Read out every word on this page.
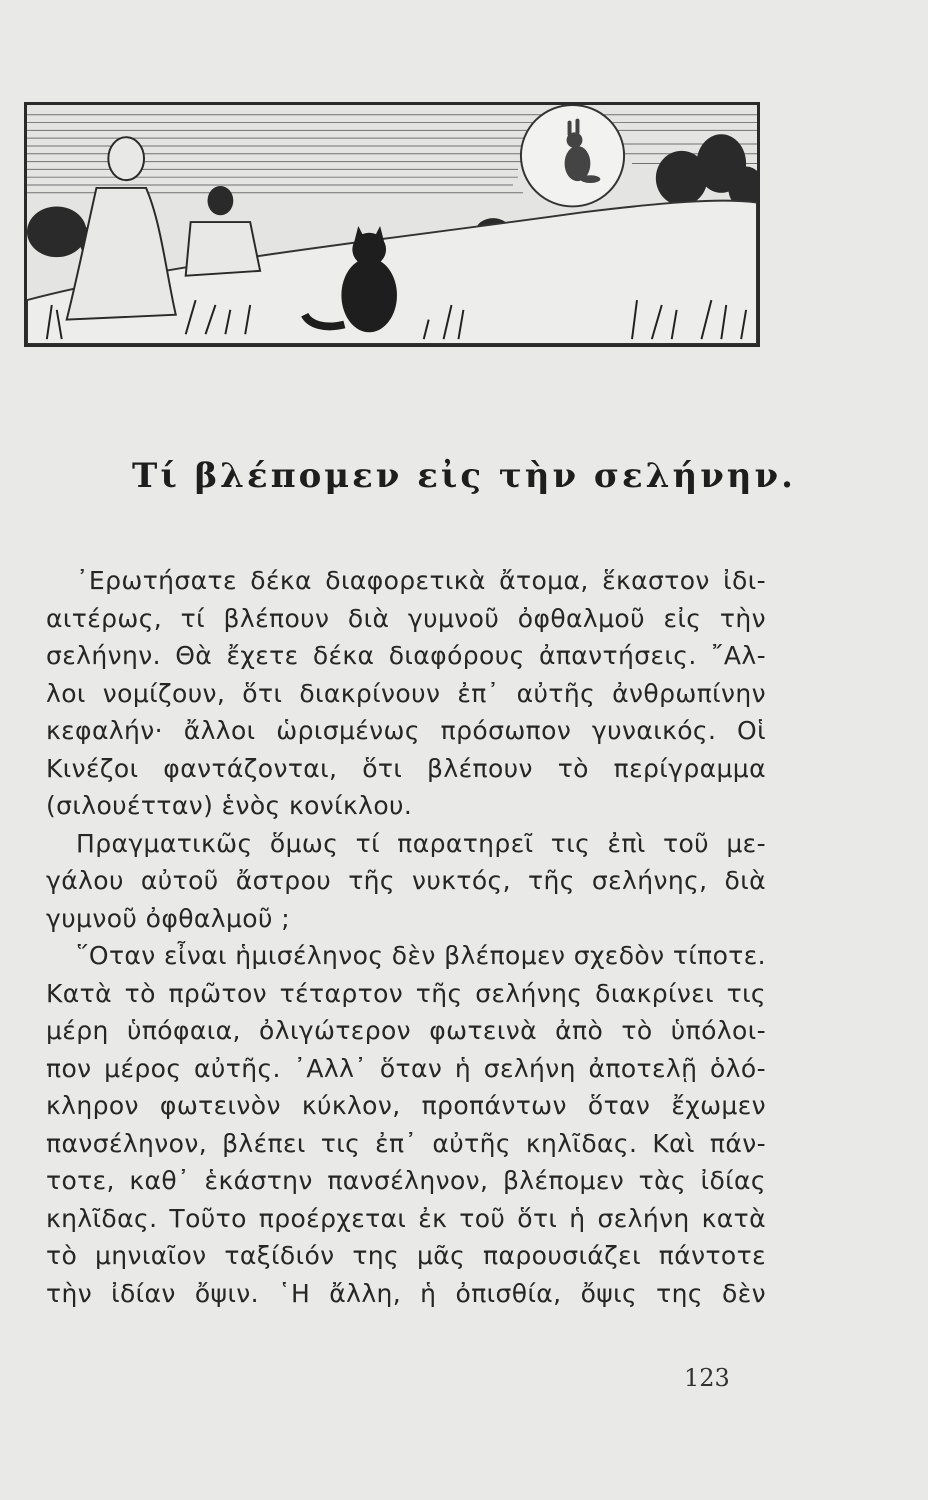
Τί βλέπομεν εἰς τὴν σελήνην.
᾿Ερωτήσατε δέκα διαφορετικὰ ἄτομα, ἕκαστον ἰδι-
αιτέρως, τί βλέπουν διὰ γυμνοῦ ὀφθαλμοῦ εἰς τὴν
σελήνην. Θὰ ἔχετε δέκα διαφόρους ἀπαντήσεις. ῎Αλ-
λοι νομίζουν, ὅτι διακρίνουν ἐπ᾿ αὐτῆς ἀνθρωπίνην
κεφαλήν· ἄλλοι ὡρισμένως πρόσωπον γυναικός. Οἱ
Κινέζοι φαντάζονται, ὅτι βλέπουν τὸ περίγραμμα
(σιλουέτταν) ἑνὸς κονίκλου.
Πραγματικῶς ὅμως τί παρατηρεῖ τις ἐπὶ τοῦ με-
γάλου αὐτοῦ ἄστρου τῆς νυκτός, τῆς σελήνης, διὰ
γυμνοῦ ὀφθαλμοῦ ;
῞Οταν εἶναι ἡμισέληνος δὲν βλέπομεν σχεδὸν τίποτε.
Κατὰ τὸ πρῶτον τέταρτον τῆς σελήνης διακρίνει τις
μέρη ὑπόφαια, ὀλιγώτερον φωτεινὰ ἀπὸ τὸ ὑπόλοι-
πον μέρος αὐτῆς. ᾿Αλλ᾿ ὅταν ἡ σελήνη ἀποτελῇ ὁλό-
κληρον φωτεινὸν κύκλον, προπάντων ὅταν ἔχωμεν
πανσέληνον, βλέπει τις ἐπ᾿ αὐτῆς κηλῖδας. Καὶ πάν-
τοτε, καθ᾿ ἑκάστην πανσέληνον, βλέπομεν τὰς ἰδίας
κηλῖδας. Τοῦτο προέρχεται ἐκ τοῦ ὅτι ἡ σελήνη κατὰ
τὸ μηνιαῖον ταξίδιόν της μᾶς παρουσιάζει πάντοτε
τὴν ἰδίαν ὄψιν. ῾Η ἄλλη, ἡ ὀπισθία, ὄψις της δὲν
123
